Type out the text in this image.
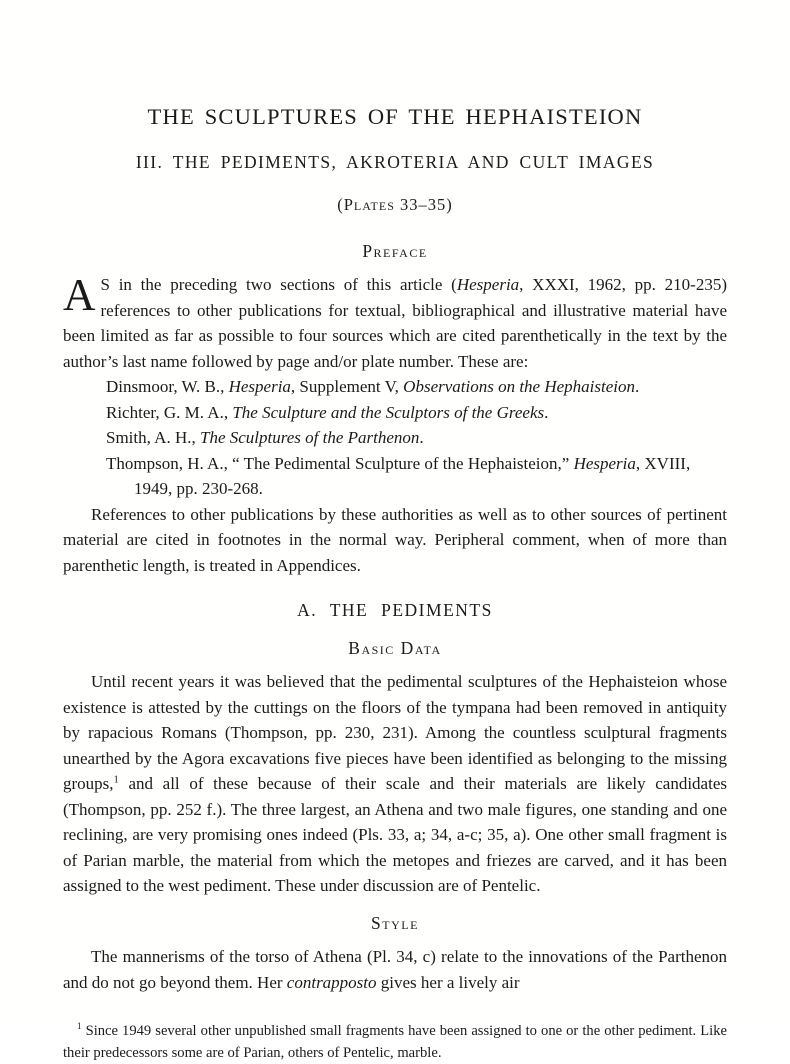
THE SCULPTURES OF THE HEPHAISTEION
III. THE PEDIMENTS, AKROTERIA AND CULT IMAGES
(Plates 33–35)
Preface

A S in the preceding two sections of this article (Hesperia, XXXI, 1962, pp. 210-235) references to other publications for textual, bibliographical and illustrative material have been limited as far as possible to four sources which are cited parenthetically in the text by the author’s last name followed by page and/or plate number. These are:

Dinsmoor, W. B., Hesperia, Supplement V, Observations on the Hephaisteion.

Richter, G. M. A., The Sculpture and the Sculptors of the Greeks.

Smith, A. H., The Sculptures of the Parthenon.

Thompson, H. A., “ The Pedimental Sculpture of the Hephaisteion,” Hesperia, XVIII, 1949, pp. 230-268.

References to other publications by these authorities as well as to other sources of pertinent material are cited in footnotes in the normal way. Peripheral comment, when of more than parenthetic length, is treated in Appendices.

A. THE PEDIMENTS
Basic Data

Until recent years it was believed that the pedimental sculptures of the Hephaisteion whose existence is attested by the cuttings on the floors of the tympana had been removed in antiquity by rapacious Romans (Thompson, pp. 230, 231). Among the countless sculptural fragments unearthed by the Agora excavations five pieces have been identified as belonging to the missing groups,$^1$ and all of these because of their scale and their materials are likely candidates (Thompson, pp. 252 f.). The three largest, an Athena and two male figures, one standing and one reclining, are very promising ones indeed (Pls. 33, a; 34, a-c; 35, a). One other small fragment is of Parian marble, the material from which the metopes and friezes are carved, and it has been assigned to the west pediment. These under discussion are of Pentelic.

Style

The mannerisms of the torso of Athena (Pl. 34, c) relate to the innovations of the Parthenon and do not go beyond them. Her contrapposto gives her a lively air

$^1$ Since 1949 several other unpublished small fragments have been assigned to one or the other pediment. Like their predecessors some are of Parian, others of Pentelic, marble.
